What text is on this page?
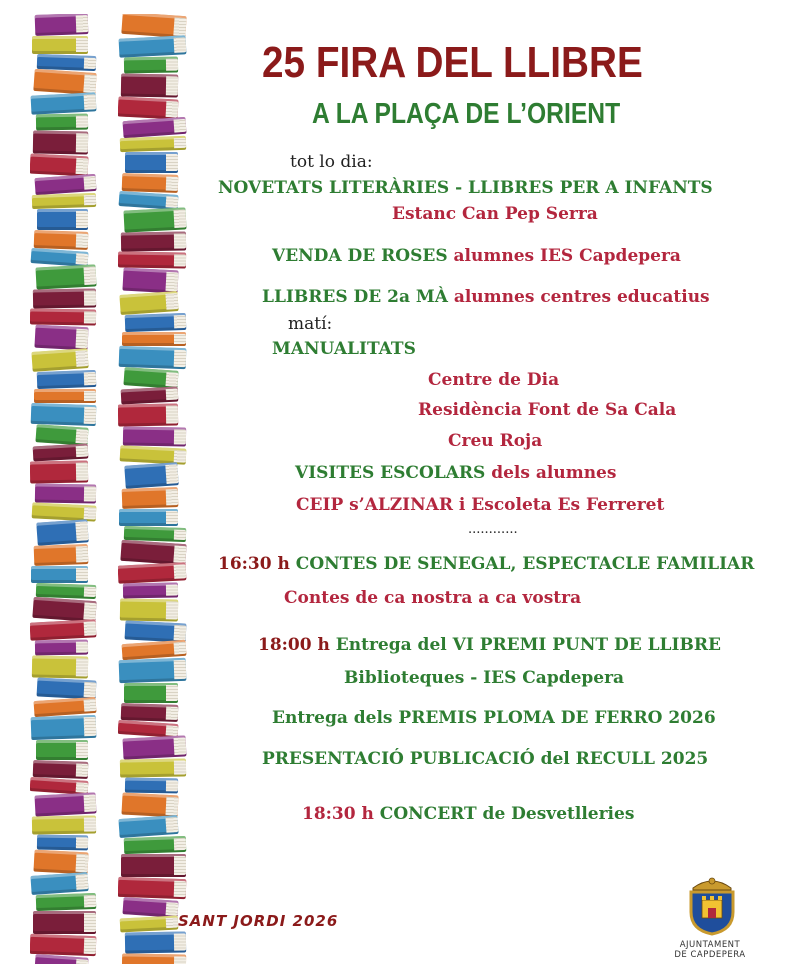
25 FIRA DEL LLIBRE
A LA PLAÇA DE L’ORIENT
tot lo dia:
NOVETATS LITERÀRIES - LLIBRES PER A INFANTS
Estanc Can Pep Serra
VENDA DE ROSES alumnes IES Capdepera
LLIBRES DE 2a MÀ alumnes centres educatius
matí:
MANUALITATS
Centre de Dia
Residència Font de Sa Cala
Creu Roja
VISITES ESCOLARS dels alumnes
CEIP s’ALZINAR i Escoleta Es Ferreret
............
16:30 h CONTES DE SENEGAL, ESPECTACLE FAMILIAR
Contes de ca nostra a ca vostra
18:00 h Entrega del VI PREMI PUNT DE LLIBRE
Biblioteques - IES Capdepera
Entrega dels PREMIS PLOMA DE FERRO 2026
PRESENTACIÓ PUBLICACIÓ del RECULL 2025
18:30 h CONCERT de Desvetlleries
SANT JORDI 2026
AJUNTAMENT
DE CAPDEPERA
